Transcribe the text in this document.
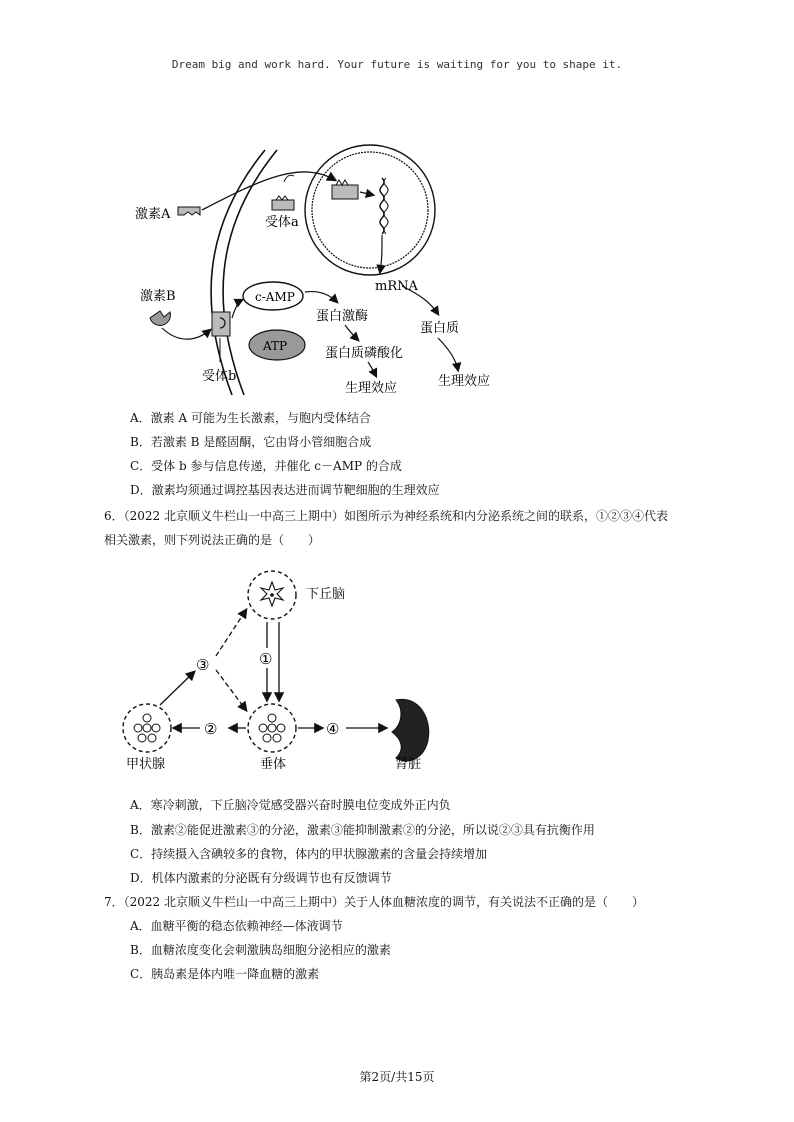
Dream big and work hard. Your future is waiting for you to shape it.
激素A
受体a
mRNA
蛋白质
生理效应
激素B
受体b
c-AMP
ATP
蛋白激酶
蛋白质磷酸化
生理效应
A．激素 A 可能为生长激素，与胞内受体结合
B．若激素 B 是醛固酮，它由肾小管细胞合成
C．受体 b 参与信息传递，并催化 c－AMP 的合成
D．激素均须通过调控基因表达进而调节靶细胞的生理效应
6．（2022 北京顺义牛栏山一中高三上期中）如图所示为神经系统和内分泌系统之间的联系，①②③④代表
相关激素，则下列说法正确的是（　　）
下丘脑
垂体
甲状腺	肾脏
①
③
②	④
A．寒冷刺激，下丘脑冷觉感受器兴奋时膜电位变成外正内负
B．激素②能促进激素③的分泌，激素③能抑制激素②的分泌，所以说②③具有抗衡作用
C．持续摄入含碘较多的食物，体内的甲状腺激素的含量会持续增加
D．机体内激素的分泌既有分级调节也有反馈调节
7．（2022 北京顺义牛栏山一中高三上期中）关于人体血糖浓度的调节，有关说法不正确的是（　　）
A．血糖平衡的稳态依赖神经—体液调节
B．血糖浓度变化会刺激胰岛细胞分泌相应的激素
C．胰岛素是体内唯一降血糖的激素
第2页/共15页
